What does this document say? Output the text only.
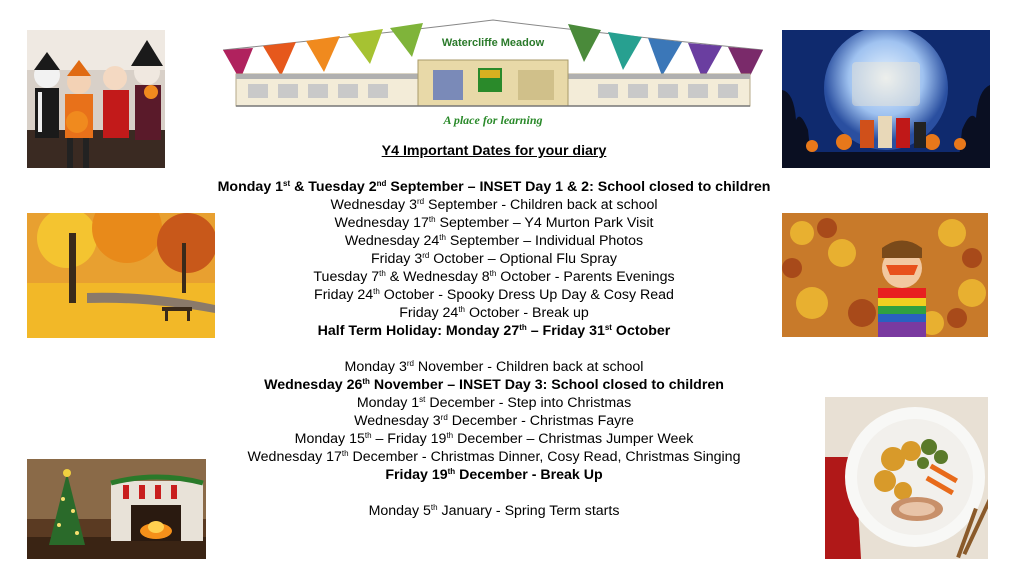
Watercliffe Meadow
A place for learning
Y4 Important Dates for your diary
Monday 1st & Tuesday 2nd September – INSET Day 1 & 2: School closed to children
Wednesday 3rd September - Children back at school
Wednesday 17th September – Y4 Murton Park Visit
Wednesday 24th September – Individual Photos
Friday 3rd October – Optional Flu Spray
Tuesday 7th & Wednesday 8th October - Parents Evenings
Friday 24th October - Spooky Dress Up Day & Cosy Read
Friday 24th October - Break up
Half Term Holiday: Monday 27th – Friday 31st October
Monday 3rd November - Children back at school
Wednesday 26th November – INSET Day 3: School closed to children
Monday 1st December - Step into Christmas
Wednesday 3rd December - Christmas Fayre
Monday 15th – Friday 19th December – Christmas Jumper Week
Wednesday 17th December - Christmas Dinner, Cosy Read, Christmas Singing
Friday 19th December - Break Up
Monday 5th January - Spring Term starts
